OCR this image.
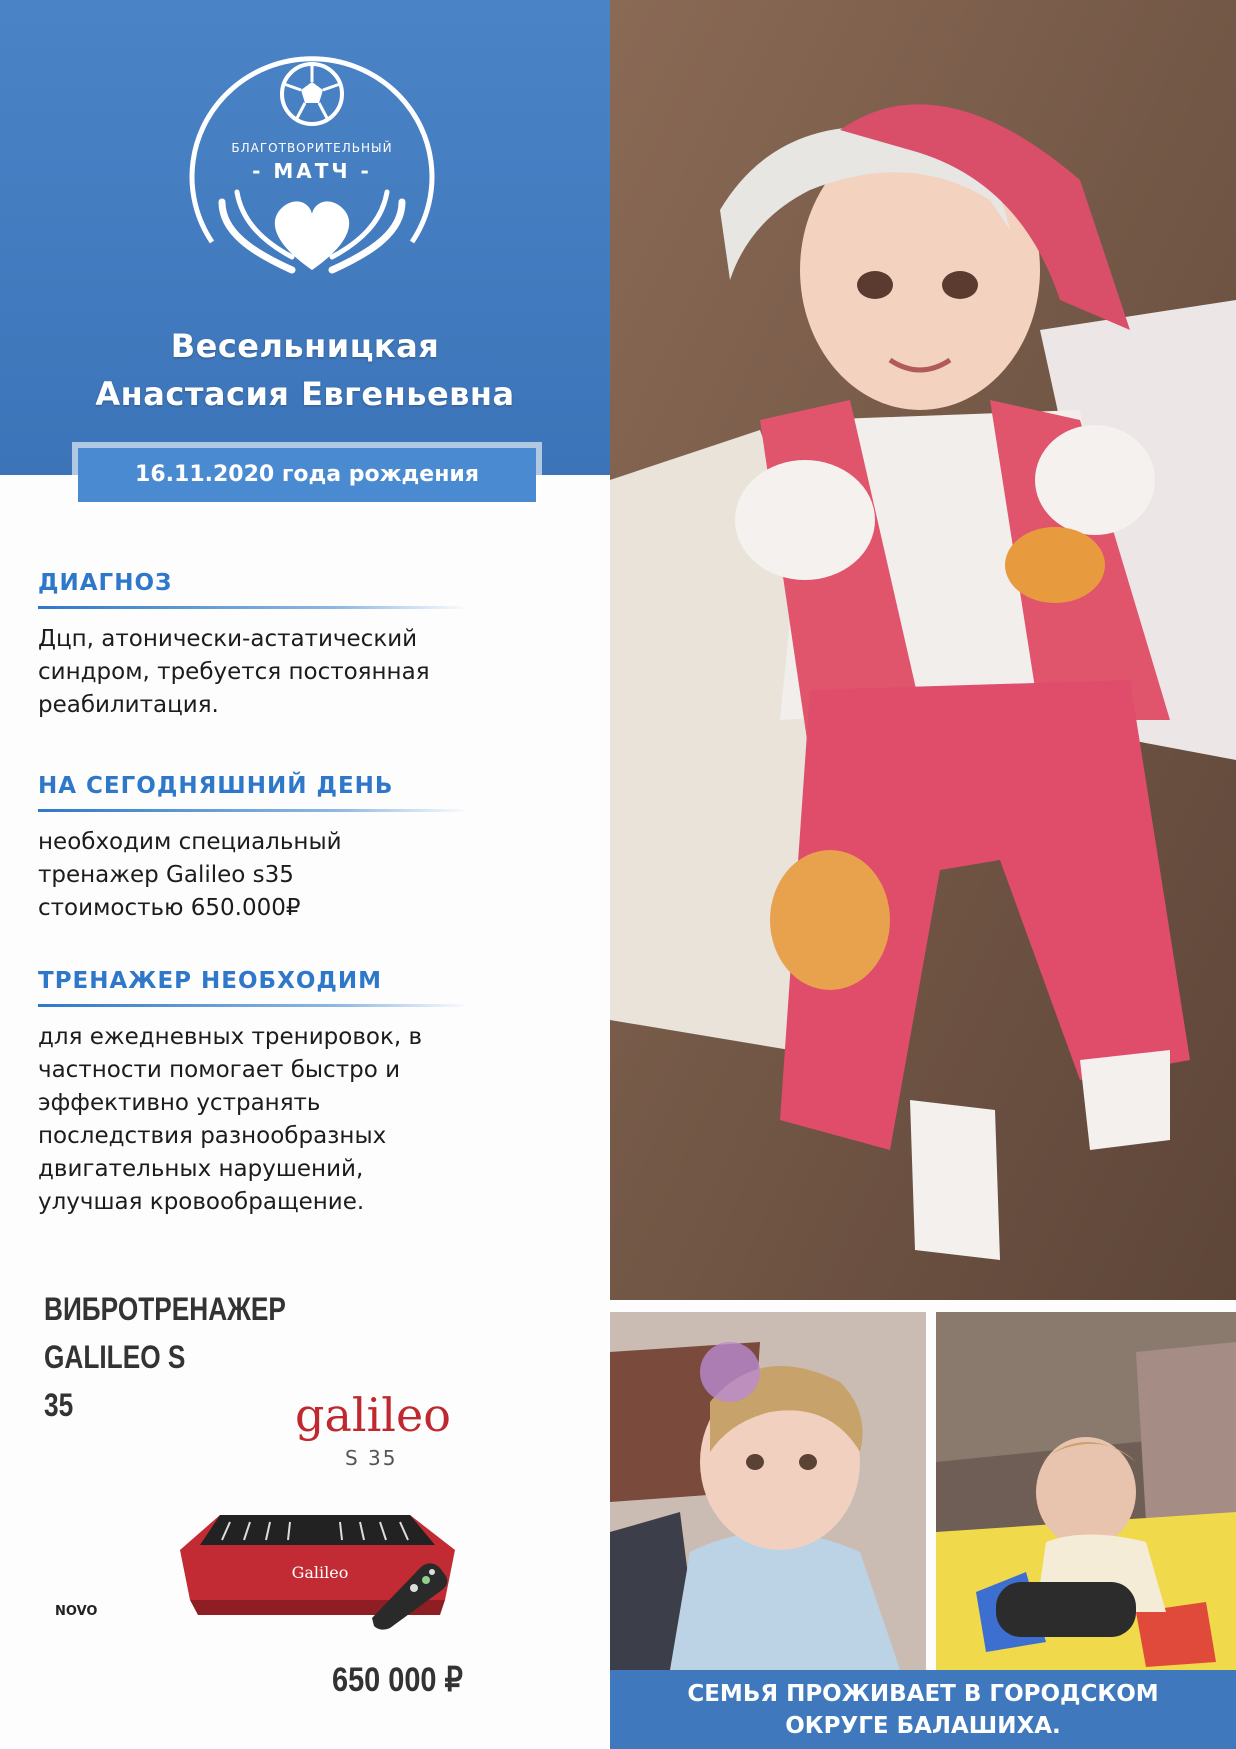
БЛАГОТВОРИТЕЛЬНЫЙ
- МАТЧ -
Весельницкая
Анастасия Евгеньевна
16.11.2020 года рождения
ДИАГНОЗ
Дцп, атонически-астатический
синдром, требуется постоянная
реабилитация.
НА СЕГОДНЯШНИЙ ДЕНЬ
необходим специальный
тренажер Galileo s35
стоимостью 650.000₽
ТРЕНАЖЕР НЕОБХОДИМ
для ежедневных тренировок, в
частности помогает быстро и
эффективно устранять
последствия разнообразных
двигательных нарушений,
улучшая кровообращение.
ВИБРОТРЕНАЖЕР GALILEO S
35	galileo
S 35
Galileo
NOVO
650 000 ₽	СЕМЬЯ ПРОЖИВАЕТ В ГОРОДСКОМ
ОКРУГЕ БАЛАШИХА.
